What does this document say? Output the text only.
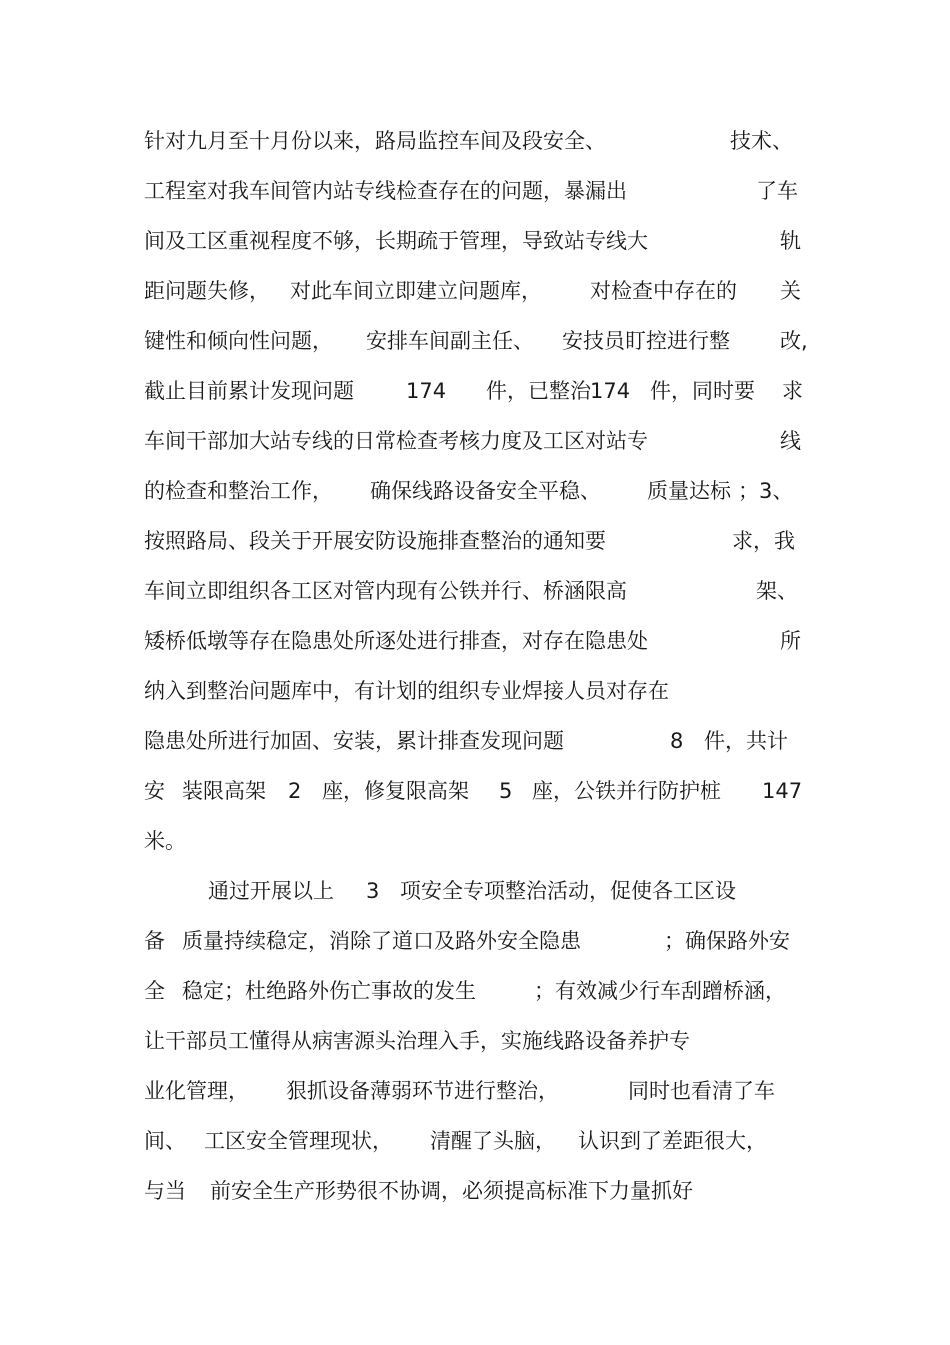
针对九月至十月份以来，路局监控车间及段安全、	技术、
工程室对我车间管内站专线检查存在的问题，暴漏出	了车
间及工区重视程度不够，长期疏于管理，导致站专线大	轨
距问题失修， 对此车间立即建立问题库， 对检查中存在的 关
键性和倾向性问题， 安排车间副主任、 安技员盯控进行整 改,
截止目前累计发现问题 174 件，已整治 174 件，同时要 求
车间干部加大站专线的日常检查考核力度及工区对站专	线
的检查和整治工作， 确保线路设备安全平稳、 质量达标 ；3、
按照路局、段关于开展安防设施排查整治的通知要	求，我
车间立即组织各工区对管内现有公铁并行、桥涵限高	架、
矮桥低墩等存在隐患处所逐处进行排查，对存在隐患处	所
纳入到整治问题库中，有计划的组织专业焊接人员对存在
隐患处所进行加固、安装，累计排查发现问题	8 件，共计
安 装限高架 2 座，修复限高架 5 座，公铁并行防护桩 147
米。
通过开展以上 3 项安全专项整治活动，促使各工区设
备 质量持续稳定，消除了道口及路外安全隐患	；确保路外安
全 稳定；杜绝路外伤亡事故的发生	；有效减少行车刮蹭桥涵，
让干部员工懂得从病害源头治理入手，实施线路设备养护专
业化管理， 狠抓设备薄弱环节进行整治，	同时也看清了车
间、 工区安全管理现状， 清醒了头脑， 认识到了差距很大，
与当 前安全生产形势很不协调，必须提高标准下力量抓好
